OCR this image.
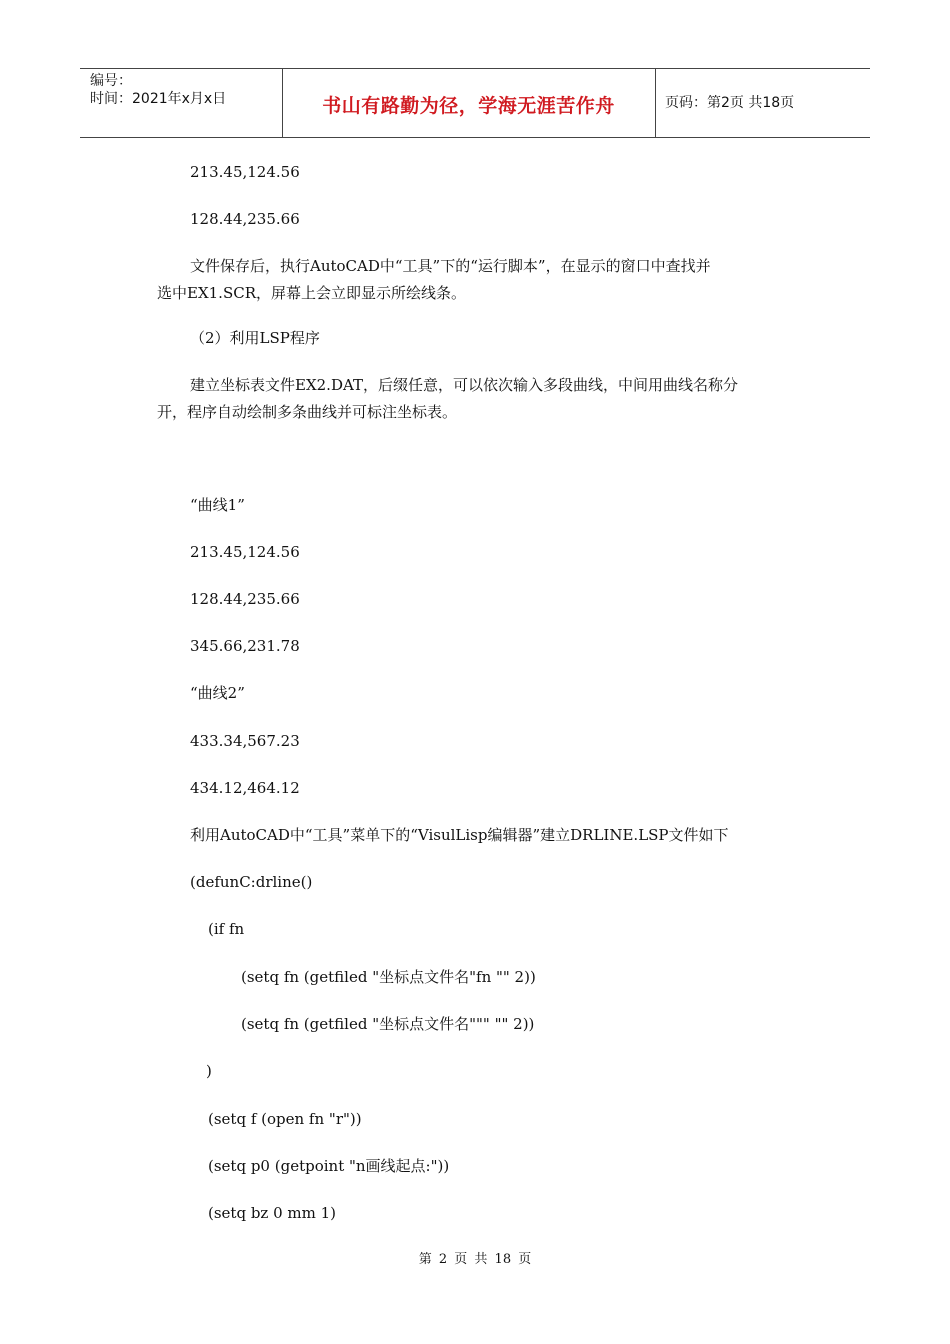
编号：
时间：2021年x月x日	书山有路勤为径，学海无涯苦作舟	页码：第2页 共18页
213.45,124.56
128.44,235.66
文件保存后，执行AutoCAD中“工具”下的“运行脚本”，在显示的窗口中查找并
选中EX1.SCR，屏幕上会立即显示所绘线条。
（2）利用LSP程序
建立坐标表文件EX2.DAT，后缀任意，可以依次输入多段曲线，中间用曲线名称分
开，程序自动绘制多条曲线并可标注坐标表。
“曲线1”
213.45,124.56
128.44,235.66
345.66,231.78
“曲线2”
433.34,567.23
434.12,464.12
利用AutoCAD中“工具”菜单下的“VisulLisp编辑器”建立DRLINE.LSP文件如下
(defunC:drline()
(if fn
(setq fn (getfiled "坐标点文件名"fn "" 2))
(setq fn (getfiled "坐标点文件名""" "" 2))
)
(setq f (open fn "r"))
(setq p0 (getpoint "n画线起点:"))
(setq bz 0 mm 1)
第 2 页 共 18 页
